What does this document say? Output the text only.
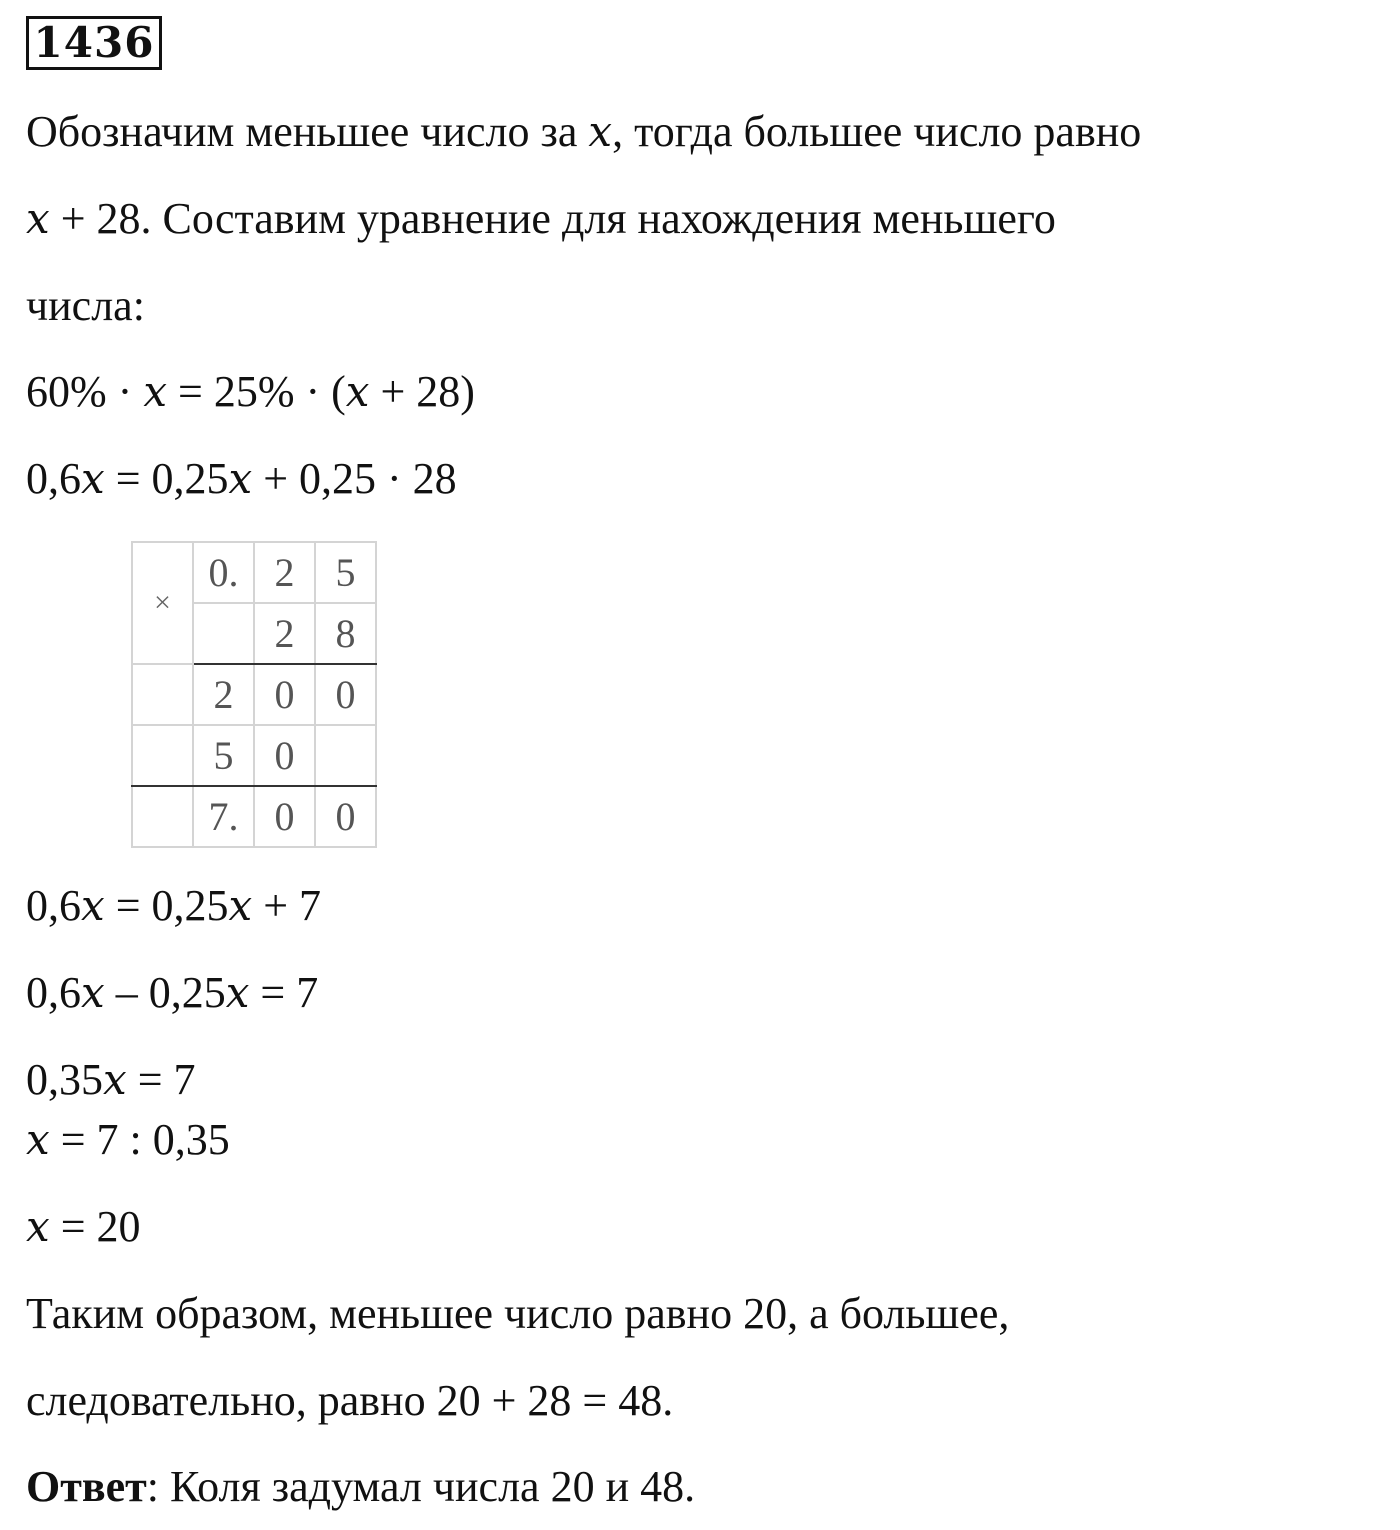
1436
Обозначим меньшее число за x, тогда большее число равно
x + 28. Составим уравнение для нахождения меньшего
числа:
60% · x = 25% · (x + 28)
0,6x = 0,25x + 0,25 · 28
×	0.	2	5
		2	8
	2	0	0
	5	0	
	7.	0	0
0,6x = 0,25x + 7
0,6x – 0,25x = 7
0,35x = 7
x = 7 : 0,35
x = 20
Таким образом, меньшее число равно 20, а большее,
следовательно, равно 20 + 28 = 48.
Ответ: Коля задумал числа 20 и 48.
